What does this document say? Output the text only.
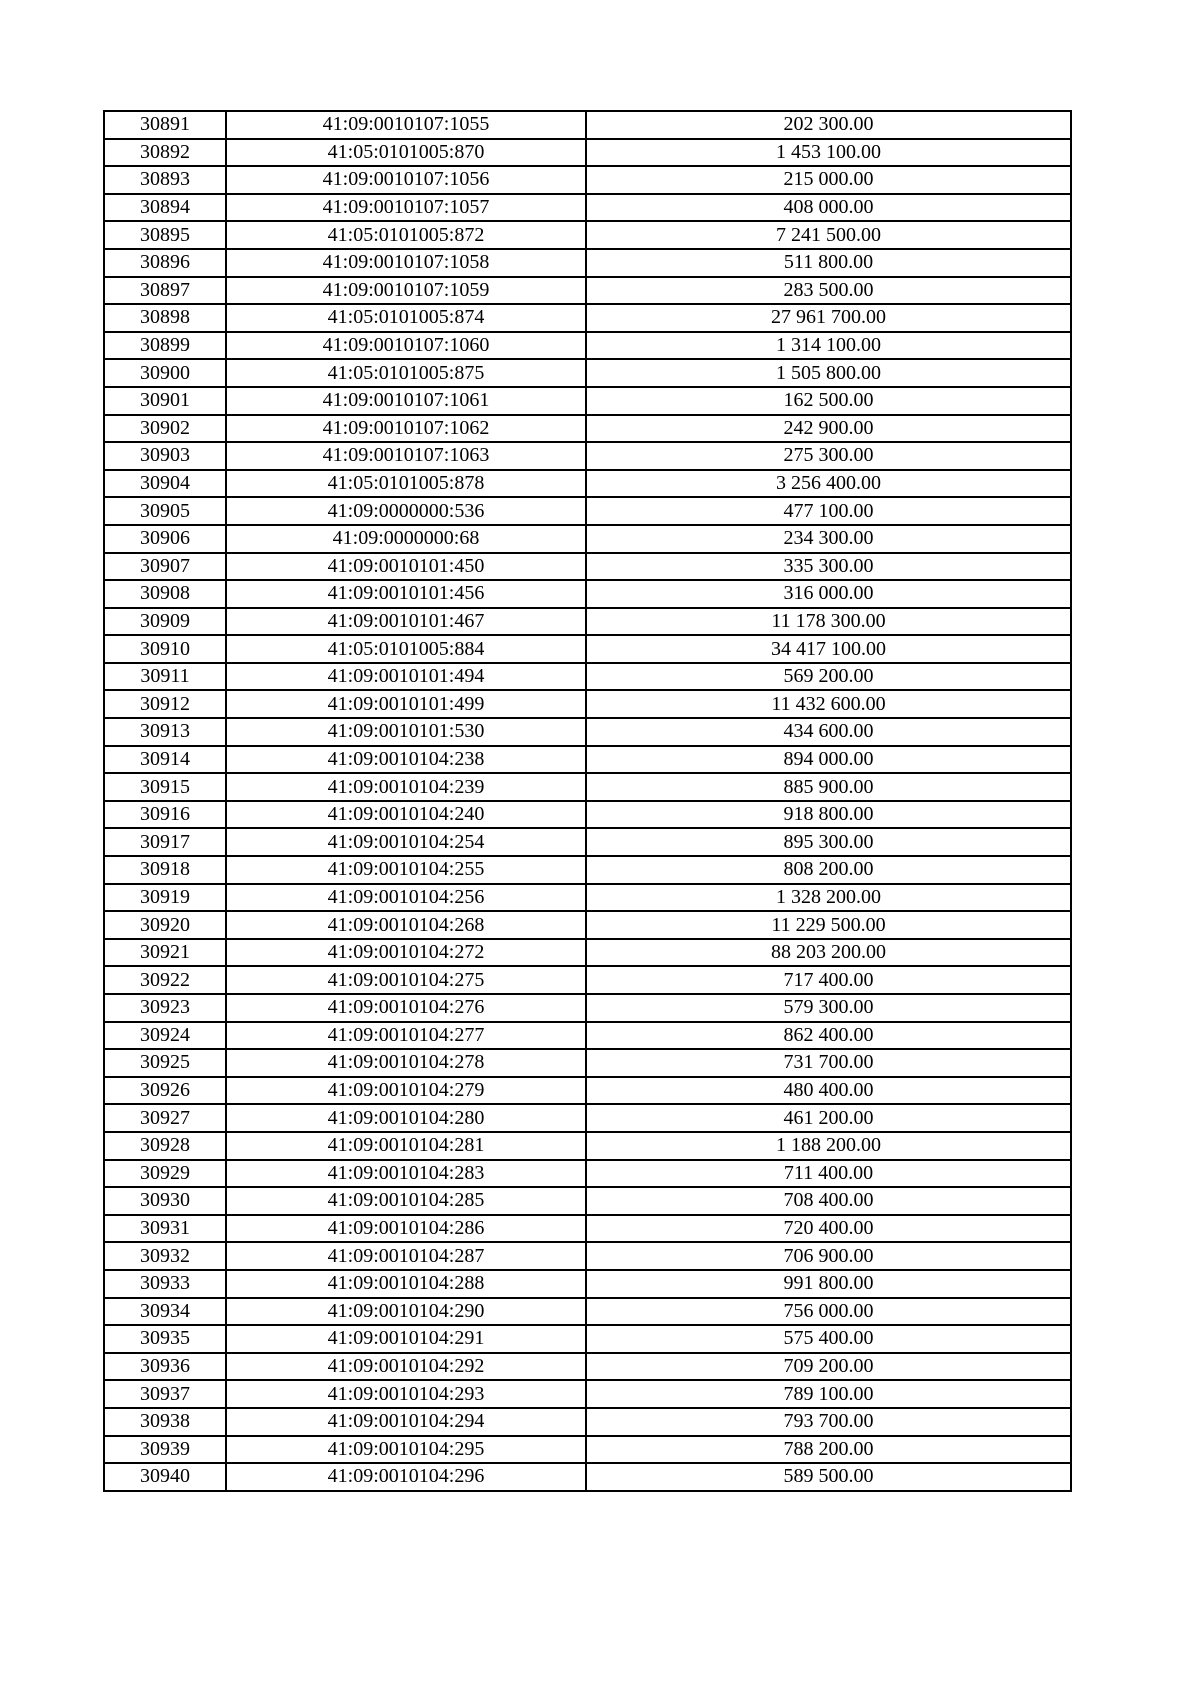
30891	41:09:0010107:1055	202 300.00
30892	41:05:0101005:870	1 453 100.00
30893	41:09:0010107:1056	215 000.00
30894	41:09:0010107:1057	408 000.00
30895	41:05:0101005:872	7 241 500.00
30896	41:09:0010107:1058	511 800.00
30897	41:09:0010107:1059	283 500.00
30898	41:05:0101005:874	27 961 700.00
30899	41:09:0010107:1060	1 314 100.00
30900	41:05:0101005:875	1 505 800.00
30901	41:09:0010107:1061	162 500.00
30902	41:09:0010107:1062	242 900.00
30903	41:09:0010107:1063	275 300.00
30904	41:05:0101005:878	3 256 400.00
30905	41:09:0000000:536	477 100.00
30906	41:09:0000000:68	234 300.00
30907	41:09:0010101:450	335 300.00
30908	41:09:0010101:456	316 000.00
30909	41:09:0010101:467	11 178 300.00
30910	41:05:0101005:884	34 417 100.00
30911	41:09:0010101:494	569 200.00
30912	41:09:0010101:499	11 432 600.00
30913	41:09:0010101:530	434 600.00
30914	41:09:0010104:238	894 000.00
30915	41:09:0010104:239	885 900.00
30916	41:09:0010104:240	918 800.00
30917	41:09:0010104:254	895 300.00
30918	41:09:0010104:255	808 200.00
30919	41:09:0010104:256	1 328 200.00
30920	41:09:0010104:268	11 229 500.00
30921	41:09:0010104:272	88 203 200.00
30922	41:09:0010104:275	717 400.00
30923	41:09:0010104:276	579 300.00
30924	41:09:0010104:277	862 400.00
30925	41:09:0010104:278	731 700.00
30926	41:09:0010104:279	480 400.00
30927	41:09:0010104:280	461 200.00
30928	41:09:0010104:281	1 188 200.00
30929	41:09:0010104:283	711 400.00
30930	41:09:0010104:285	708 400.00
30931	41:09:0010104:286	720 400.00
30932	41:09:0010104:287	706 900.00
30933	41:09:0010104:288	991 800.00
30934	41:09:0010104:290	756 000.00
30935	41:09:0010104:291	575 400.00
30936	41:09:0010104:292	709 200.00
30937	41:09:0010104:293	789 100.00
30938	41:09:0010104:294	793 700.00
30939	41:09:0010104:295	788 200.00
30940	41:09:0010104:296	589 500.00
